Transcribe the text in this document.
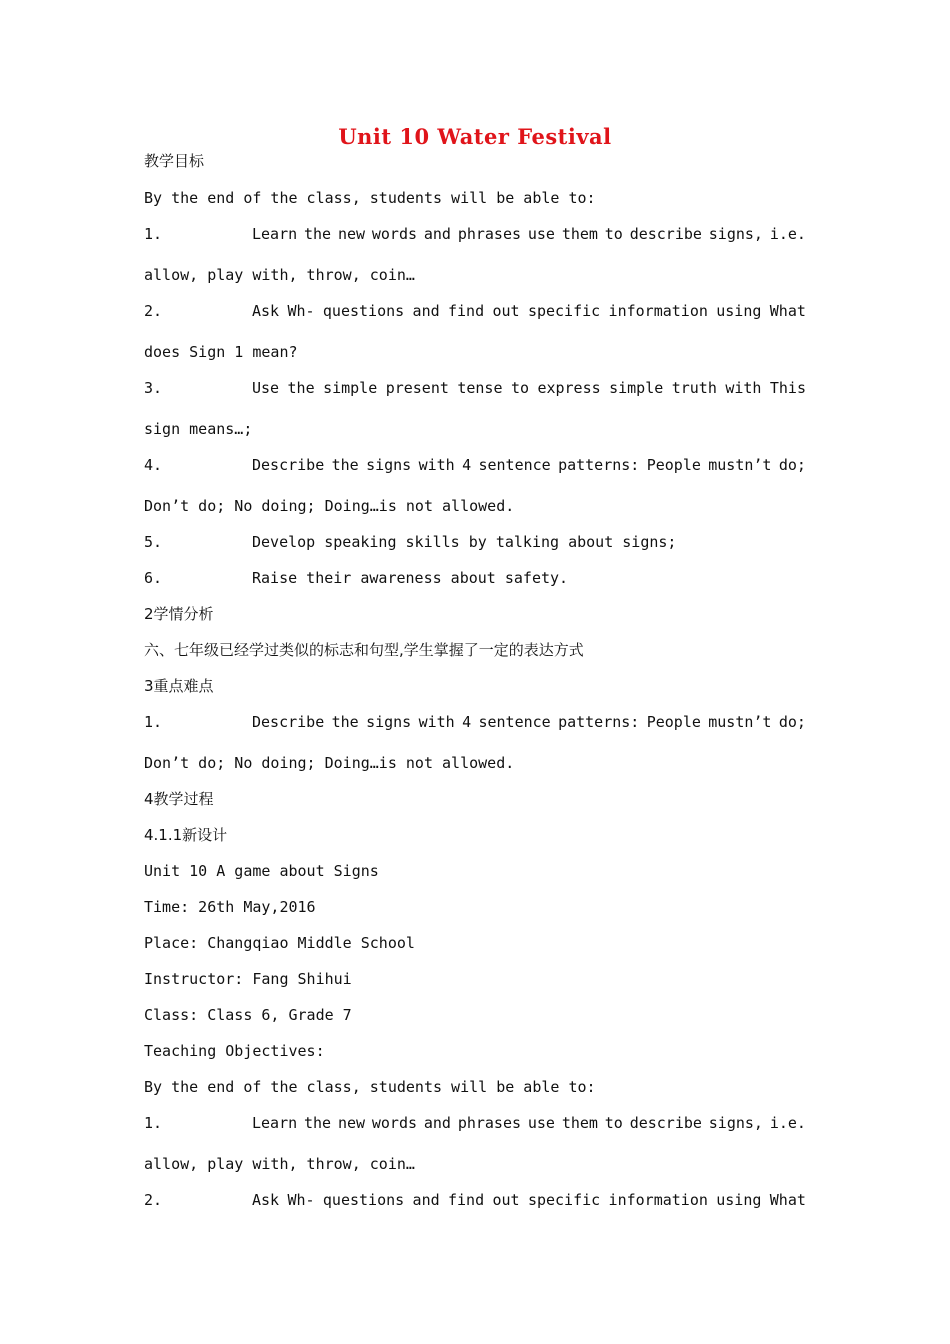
Unit 10 Water Festival
教学目标
By the end of the class, students will be able to:
1.	Learn the new words and phrases use them to describe signs, i.e.
allow, play with, throw, coin…
2.	Ask Wh- questions and find out specific information using What
does Sign 1 mean?
3.	Use the simple present tense to express simple truth with This
sign means…;
4.	Describe the signs with 4 sentence patterns: People mustn’t do;
Don’t do; No doing; Doing…is not allowed.
5.	Develop speaking skills by talking about signs;
6.	Raise their awareness about safety.
2学情分析
六、七年级已经学过类似的标志和句型,学生掌握了一定的表达方式
3重点难点
1.	Describe the signs with 4 sentence patterns: People mustn’t do;
Don’t do; No doing; Doing…is not allowed.
4教学过程
4.1.1新设计
Unit 10 A game about Signs
Time: 26th May,2016
Place: Changqiao Middle School
Instructor: Fang Shihui
Class: Class 6, Grade 7
Teaching Objectives:
By the end of the class, students will be able to:
1.	Learn the new words and phrases use them to describe signs, i.e.
allow, play with, throw, coin…
2.	Ask Wh- questions and find out specific information using What
